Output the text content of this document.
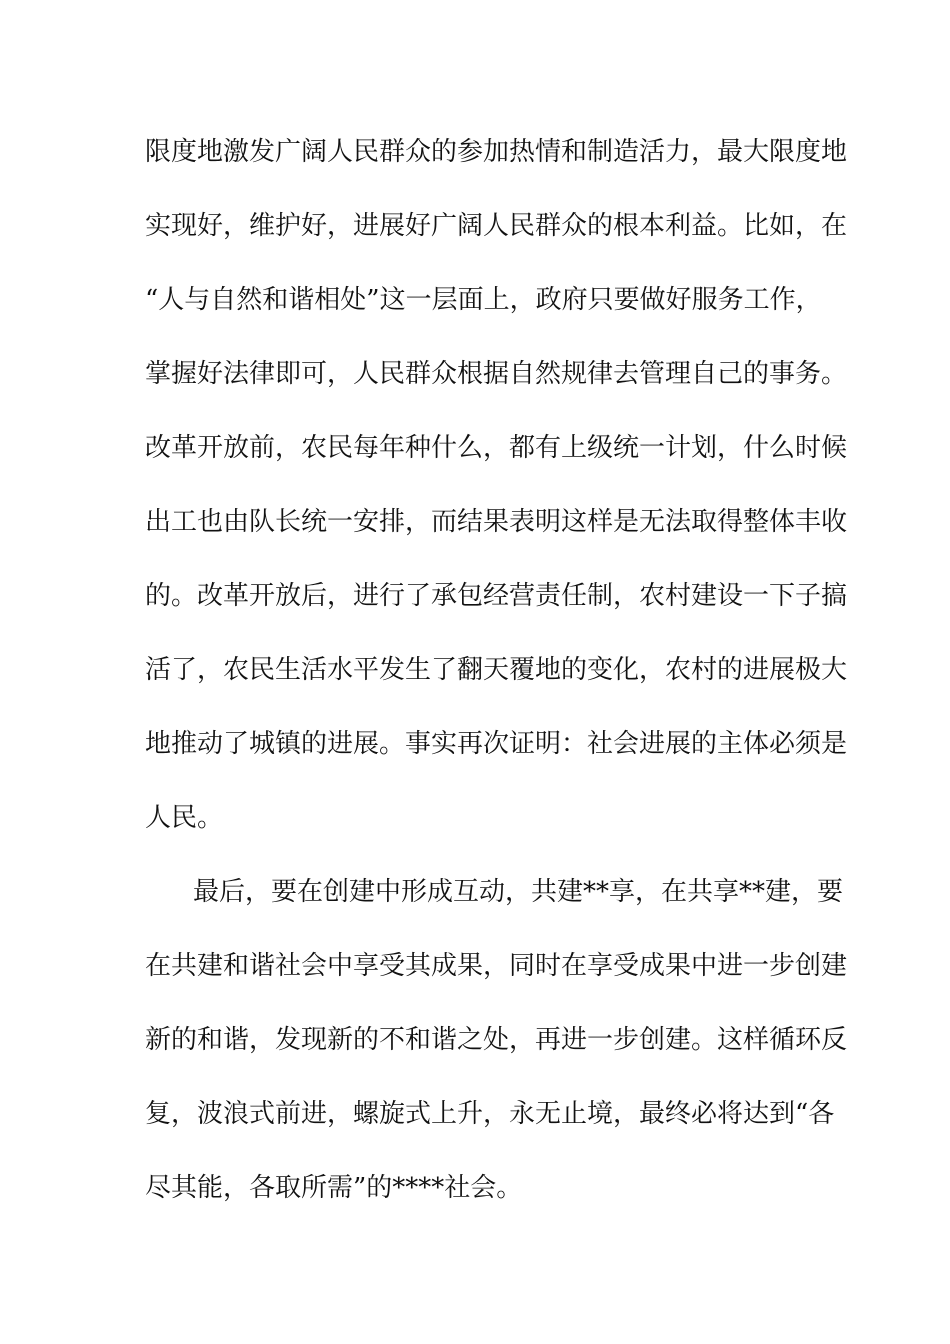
限度地激发广阔人民群众的参加热情和制造活力，最大限度地
实现好，维护好，进展好广阔人民群众的根本利益。比如，在
“人与自然和谐相处”这一层面上，政府只要做好服务工作，
掌握好法律即可，人民群众根据自然规律去管理自己的事务。
改革开放前，农民每年种什么，都有上级统一计划，什么时候
出工也由队长统一安排，而结果表明这样是无法取得整体丰收
的。改革开放后，进行了承包经营责任制，农村建设一下子搞
活了，农民生活水平发生了翻天覆地的变化，农村的进展极大
地推动了城镇的进展。事实再次证明：社会进展的主体必须是
人民。
最后，要在创建中形成互动，共建**享，在共享**建，要
在共建和谐社会中享受其成果，同时在享受成果中进一步创建
新的和谐，发现新的不和谐之处，再进一步创建。这样循环反
复，波浪式前进，螺旋式上升，永无止境，最终必将达到“各
尽其能，各取所需”的****社会。
